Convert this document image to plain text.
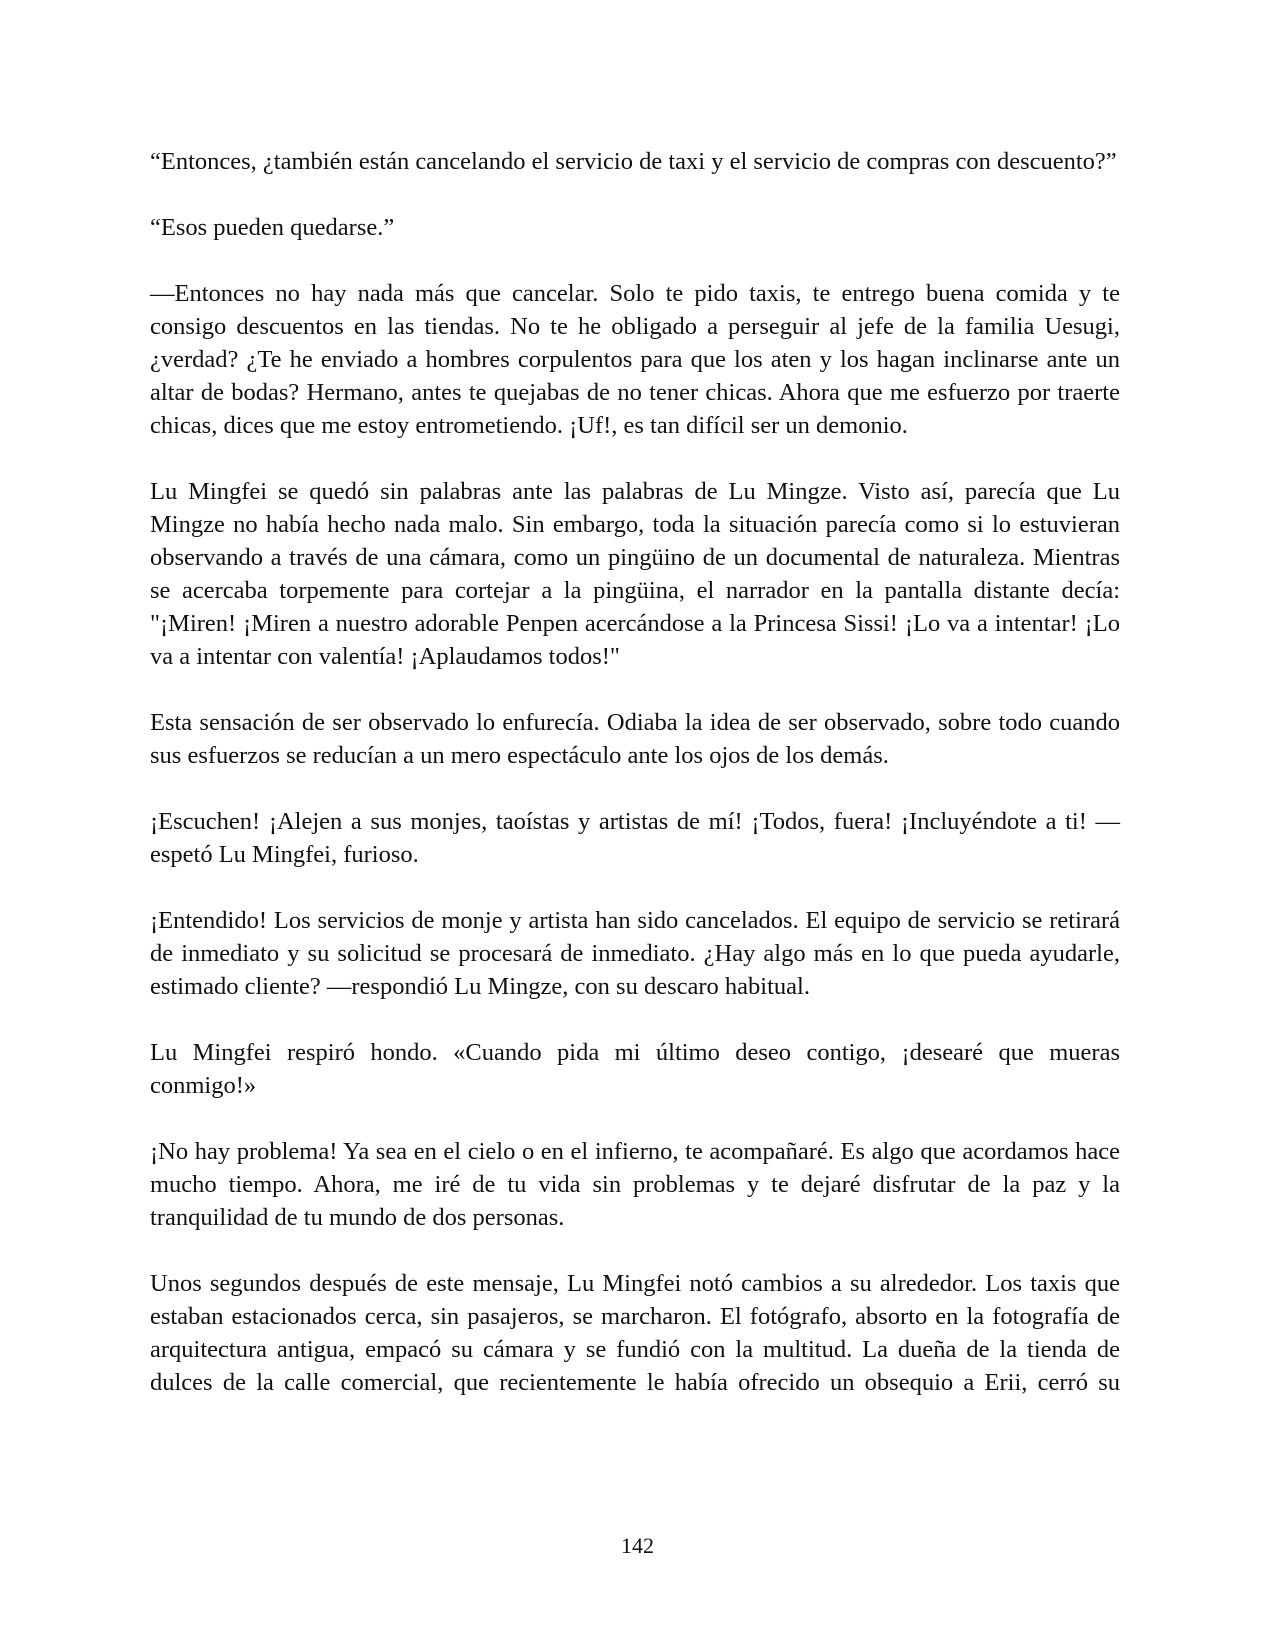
“Entonces, ¿también están cancelando el servicio de taxi y el servicio de compras con descuento?”

“Esos pueden quedarse.”

—Entonces no hay nada más que cancelar. Solo te pido taxis, te entrego buena comida y te consigo descuentos en las tiendas. No te he obligado a perseguir al jefe de la familia Uesugi, ¿verdad? ¿Te he enviado a hombres corpulentos para que los aten y los hagan inclinarse ante un altar de bodas? Hermano, antes te quejabas de no tener chicas. Ahora que me esfuerzo por traerte chicas, dices que me estoy entrometiendo. ¡Uf!, es tan difícil ser un demonio.

Lu Mingfei se quedó sin palabras ante las palabras de Lu Mingze. Visto así, parecía que Lu Mingze no había hecho nada malo. Sin embargo, toda la situación parecía como si lo estuvieran observando a través de una cámara, como un pingüino de un documental de naturaleza. Mientras se acercaba torpemente para cortejar a la pingüina, el narrador en la pantalla distante decía: "¡Miren! ¡Miren a nuestro adorable Penpen acercándose a la Princesa Sissi! ¡Lo va a intentar! ¡Lo va a intentar con valentía! ¡Aplaudamos todos!"

Esta sensación de ser observado lo enfurecía. Odiaba la idea de ser observado, sobre todo cuando sus esfuerzos se reducían a un mero espectáculo ante los ojos de los demás.

¡Escuchen! ¡Alejen a sus monjes, taoístas y artistas de mí! ¡Todos, fuera! ¡Incluyéndote a ti! —espetó Lu Mingfei, furioso.

¡Entendido! Los servicios de monje y artista han sido cancelados. El equipo de servicio se retirará de inmediato y su solicitud se procesará de inmediato. ¿Hay algo más en lo que pueda ayudarle, estimado cliente? —respondió Lu Mingze, con su descaro habitual.

Lu Mingfei respiró hondo. «Cuando pida mi último deseo contigo, ¡desearé que mueras conmigo!»

¡No hay problema! Ya sea en el cielo o en el infierno, te acompañaré. Es algo que acordamos hace mucho tiempo. Ahora, me iré de tu vida sin problemas y te dejaré disfrutar de la paz y la tranquilidad de tu mundo de dos personas.

Unos segundos después de este mensaje, Lu Mingfei notó cambios a su alrededor. Los taxis que estaban estacionados cerca, sin pasajeros, se marcharon. El fotógrafo, absorto en la fotografía de arquitectura antigua, empacó su cámara y se fundió con la multitud. La dueña de la tienda de dulces de la calle comercial, que recientemente le había ofrecido un obsequio a Erii, cerró su

142
